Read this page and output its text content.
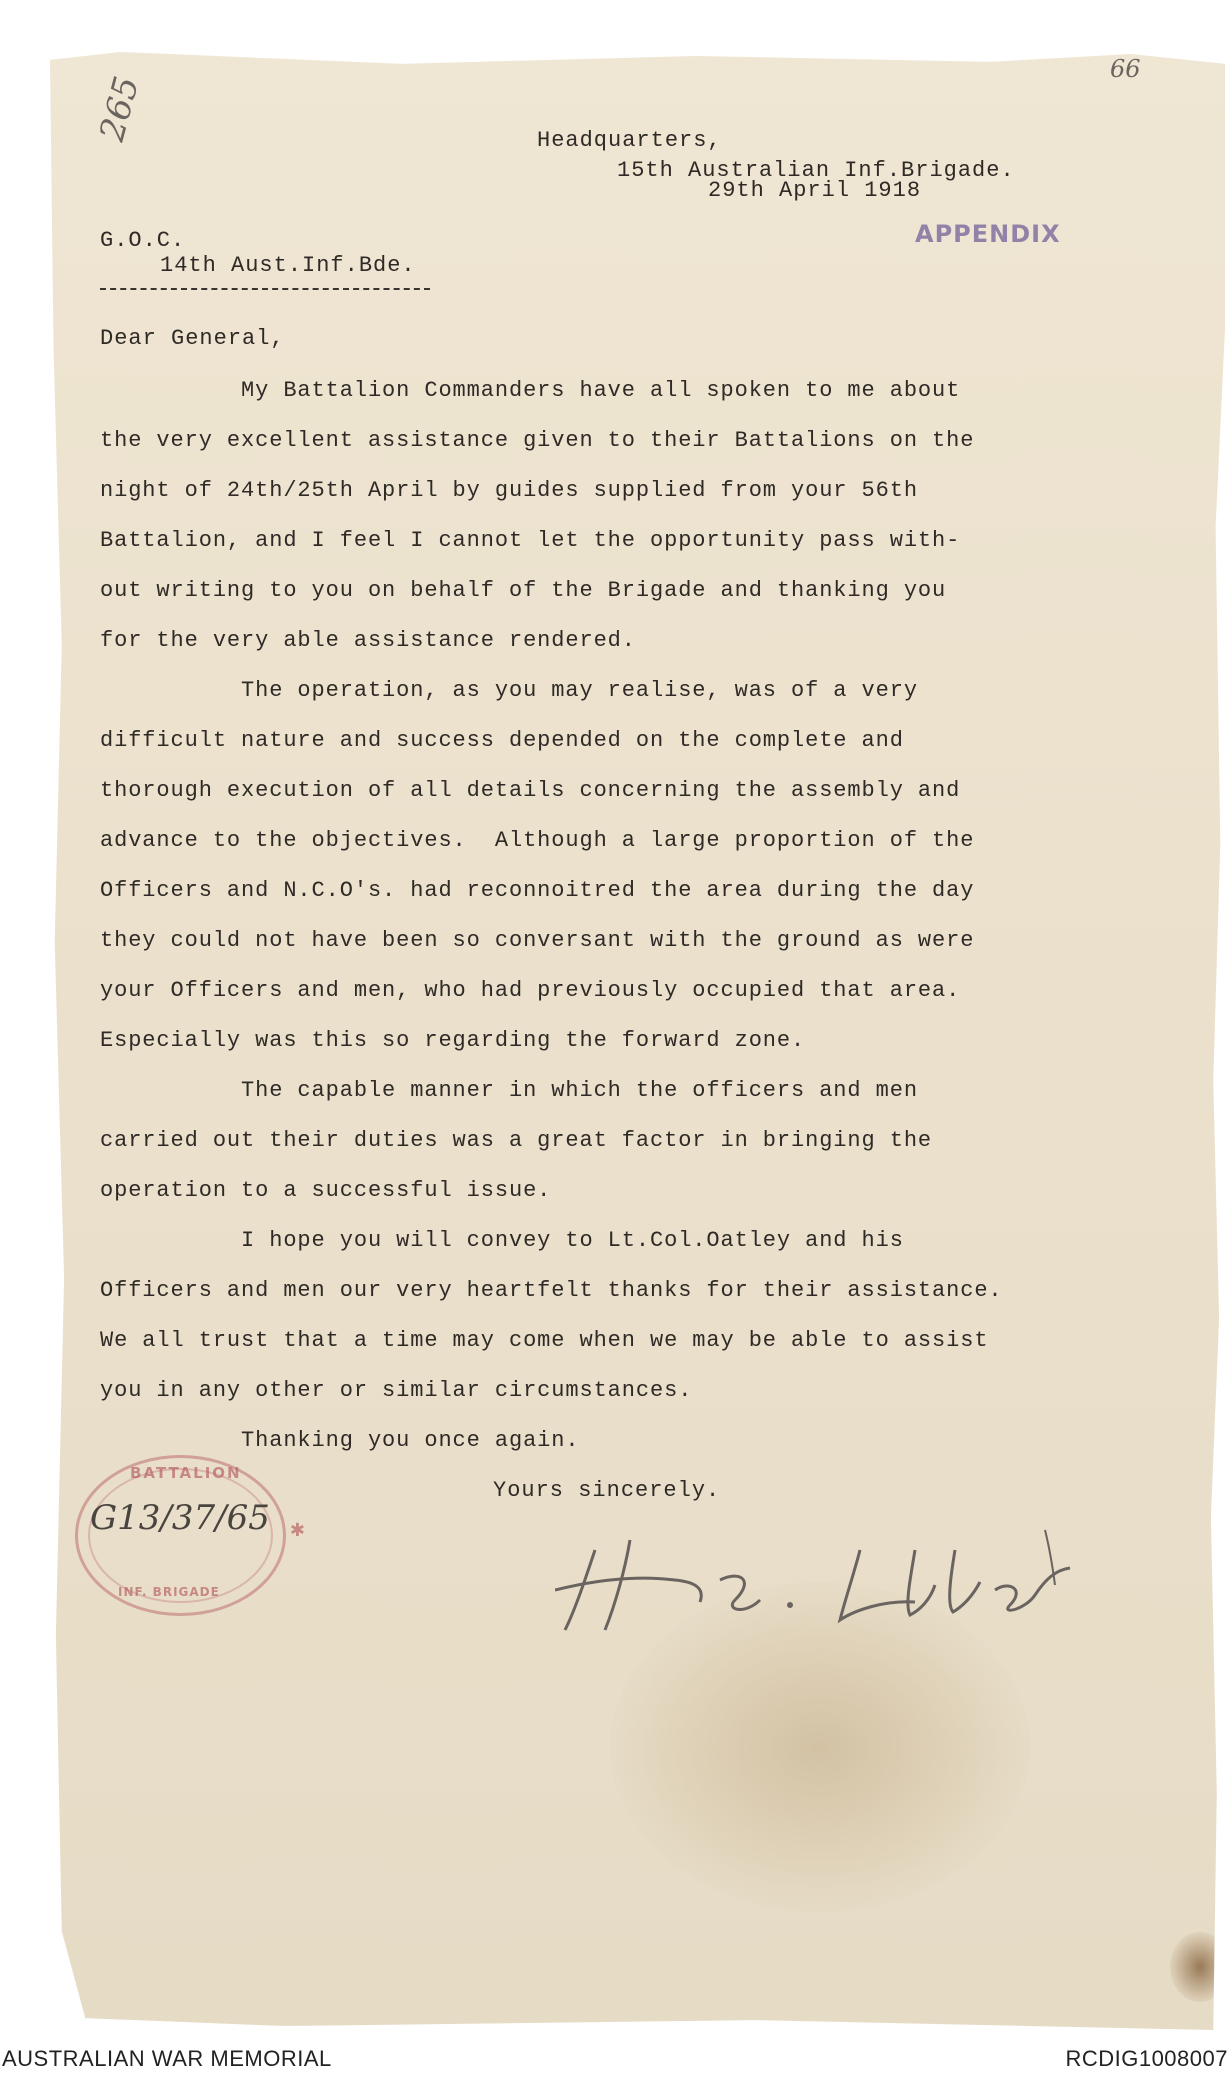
265
66
Headquarters,
15th Australian Inf.Brigade.
29th April 1918
APPENDIX
G.O.C.
14th Aust.Inf.Bde.
Dear General,
My Battalion Commanders have all spoken to me about
the very excellent assistance given to their Battalions on the
night of 24th/25th April by guides supplied from your 56th
Battalion, and I feel I cannot let the opportunity pass with-
out writing to you on behalf of the Brigade and thanking you
for the very able assistance rendered.
The operation, as you may realise, was of a very
difficult nature and success depended on the complete and
thorough execution of all details concerning the assembly and
advance to the objectives.  Although a large proportion of the
Officers and N.C.O's. had reconnoitred the area during the day
they could not have been so conversant with the ground as were
your Officers and men, who had previously occupied that area.
Especially was this so regarding the forward zone.
The capable manner in which the officers and men
carried out their duties was a great factor in bringing the
operation to a successful issue.
I hope you will convey to Lt.Col.Oatley and his
Officers and men our very heartfelt thanks for their assistance.
We all trust that a time may come when we may be able to assist
you in any other or similar circumstances.
Thanking you once again.
Yours sincerely.
BATTALION
G13/37/65
INF. BRIGADE
✱
AUSTRALIAN WAR MEMORIAL	RCDIG1008007
